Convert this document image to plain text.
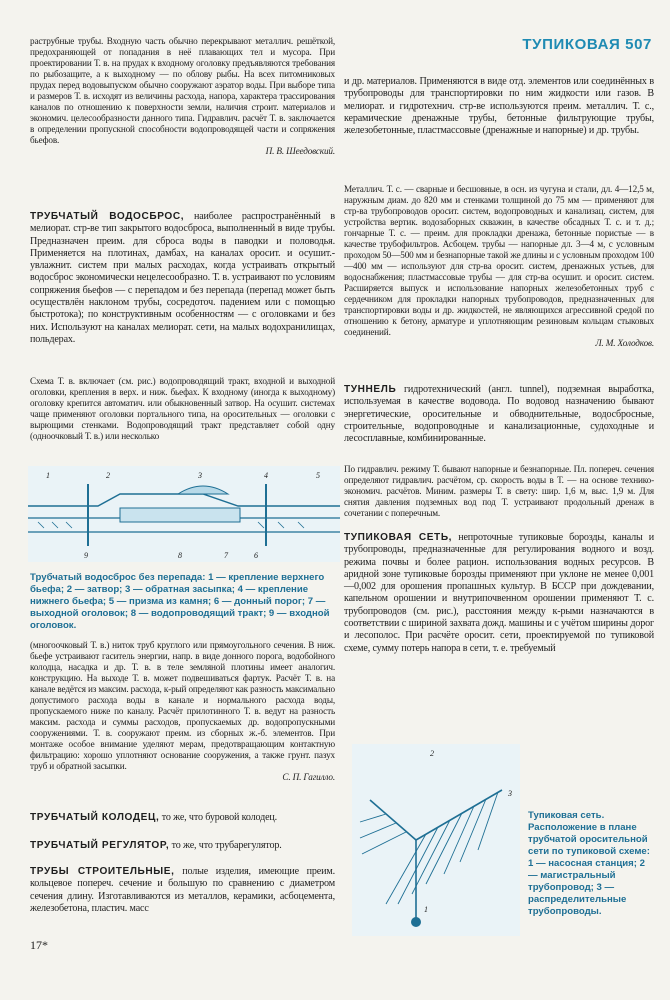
ТУПИКОВАЯ 507

раструбные трубы. Входную часть обычно перекрывают металлич. решёткой, предохраняющей от попадания в неё плавающих тел и мусора. При проектировании Т. в. на прудах к входному оголовку предъявляются требования по рыбозащите, а к выходному — по облову рыбы. На всех питомниковых прудах перед водовыпуском обычно сооружают аэратор воды. При выборе типа и размеров Т. в. исходят из величины расхода, напора, характера трассирования каналов по отношению к поверхности земли, наличия строит. материалов и экономич. целесообразности данного типа. Гидравлич. расчёт Т. в. заключается в определении пропускной способности водопроводящей части и сопряжения бьефов.

П. В. Шеедовский.

ТРУБЧАТЫЙ ВОДОСБРОС, наиболее распространённый в мелиорат. стр-ве тип закрытого водосброса, выполненный в виде трубы. Предназначен преим. для сброса воды в паводки и половодья. Применяется на плотинах, дамбах, на каналах оросит. и осушит.-увлажнит. систем при малых расходах, когда устраивать открытый водосброс экономически нецелесообразно. Т. в. устраивают по условиям сопряжения бьефов — с перепадом и без перепада (перепад может быть осуществлён наклоном трубы, сосредоточ. падением или с помощью быстротока); по конструктивным особенностям — с оголовками и без них. Используют на каналах мелиорат. сети, на малых водохранилищах, польдерах.

Схема Т. в. включает (см. рис.) водопроводящий тракт, входной и выходной оголовки, крепления в верх. и ниж. бьефах. К входному (иногда к выходному) оголовку крепится автоматич. или обыкновенный затвор. На осушит. системах чаще применяют оголовки портального типа, на оросительных — оголовки с вырющими стенками. Водопроводящий тракт представляет собой одну (одноочковый Т. в.) или несколько

1	2	3	4	5
9	8	7	6
Трубчатый водосброс без перепада: 1 — крепление верхнего бьефа; 2 — затвор; 3 — обратная засыпка; 4 — крепление нижнего бьефа; 5 — призма из камня; 6 — донный порог; 7 — выходной оголовок; 8 — водопроводящий тракт; 9 — входной оголовок.

(многоочковый Т. в.) ниток труб круглого или прямоугольного сечения. В ниж. бьефе устраивают гаситель энергии, напр. в виде донного порога, водобойного колодца, насадка и др. Т. в. в теле земляной плотины имеет аналогич. конструкцию. На выходе Т. в. может подвешиваться фартук. Расчёт Т. в. на канале ведётся из максим. расхода, к-рый определяют как разность максимально допустимого расхода воды в канале и нормального расхода воды, пропускаемого ниже по каналу. Расчёт прилотинного Т. в. ведут на разность максим. расхода и суммы расходов, пропускаемых др. водопропускными сооружениями. Т. в. сооружают преим. из сборных ж.-б. элементов. При монтаже особое внимание уделяют мерам, предотвращающим контактную фильтрацию: хорошо уплотняют основание сооружения, а также грунт. пазух труб и обратной засыпки.

С. П. Гагилло.

ТРУБЧАТЫЙ КОЛОДЕЦ, то же, что буровой колодец.

ТРУБЧАТЫЙ РЕГУЛЯТОР, то же, что трубарегулятор.

ТРУБЫ СТРОИТЕЛЬНЫЕ, полые изделия, имеющие преим. кольцевое попереч. сечение и большую по сравнению с диаметром сечения длину. Изготавливаются из металлов, керамики, асбоцемента, железобетона, пластич. масс

17*

и др. материалов. Применяются в виде отд. элементов или соединённых в трубопроводы для транспортировки по ним жидкости или газов. В мелиорат. и гидротехнич. стр-ве используются преим. металлич. Т. с., керамические дренажные трубы, бетонные фильтрующие трубы, железобетонные, пластмассовые (дренажные и напорные) и др. трубы.

Металлич. Т. с. — сварные и бесшовные, в осн. из чугуна и стали, дл. 4—12,5 м, наружным диам. до 820 мм и стенками толщиной до 75 мм — применяют для стр-ва трубопроводов оросит. систем, водопроводных и канализац. систем, для устройства вертик. водозаборных скважин, в качестве обсадных Т. с. и т. д.; гончарные Т. с. — преим. для прокладки дренажа, бетонные пористые — в качестве трубофильтров. Асбоцем. трубы — напорные дл. 3—4 м, с условным проходом 50—500 мм и безнапорные такой же длины и с условным проходом 100—400 мм — используют для стр-ва оросит. систем, дренажных устьев, для водоснабжения; пластмассовые трубы — для стр-ва осушит. и оросит. систем. Расширяется выпуск и использование напорных железобетонных труб с сердечником для прокладки напорных трубопроводов, предназначенных для транспортировки воды и др. жидкостей, не являющихся агрессивной средой по отношению к бетону, арматуре и уплотняющим резиновым кольцам стыковых соединений.

Л. М. Холодков.

ТУННЕЛЬ гидротехнический (англ. tunnel), подземная выработка, используемая в качестве водовода. По водовод назначению бывают энергетические, оросительные и обводнительные, водосбросные, строительные, водопроводные и канализационные, судоходные и лесосплавные, комбинированные.

По гидравлич. режиму Т. бывают напорные и безнапорные. Пл. попереч. сечения определяют гидравлич. расчётом, ср. скорость воды в Т. — на основе технико-экономич. расчётов. Миним. размеры Т. в свету: шир. 1,6 м, выс. 1,9 м. Для снятия давления подземных вод под Т. устраивают продольный дренаж в сочетании с поперечным.

ТУПИКОВАЯ СЕТЬ, непроточные тупиковые борозды, каналы и трубопроводы, предназначенные для регулирования водного и возд. режима почвы и более рацион. использования водных ресурсов. В аридной зоне тупиковые борозды применяют при уклоне не менее 0,001—0,002 для орошения пропашных культур. В БССР при дождевании, капельном орошении и внутрипочвенном орошении применяют Т. с. трубопроводов (см. рис.), расстояния между к-рыми назначаются в соответствии с шириной захвата дожд. машины и с учётом ширины дорог и лесополос. При расчёте оросит. сети, проектируемой по тупиковой схеме, сумму потерь напора в сети, т. е. требуемый

2
3
1
Тупиковая сеть. Расположение в плане трубчатой оросительной сети по тупиковой схеме: 1 — насосная станция; 2 — магистральный трубопровод; 3 — распределительные трубопроводы.
